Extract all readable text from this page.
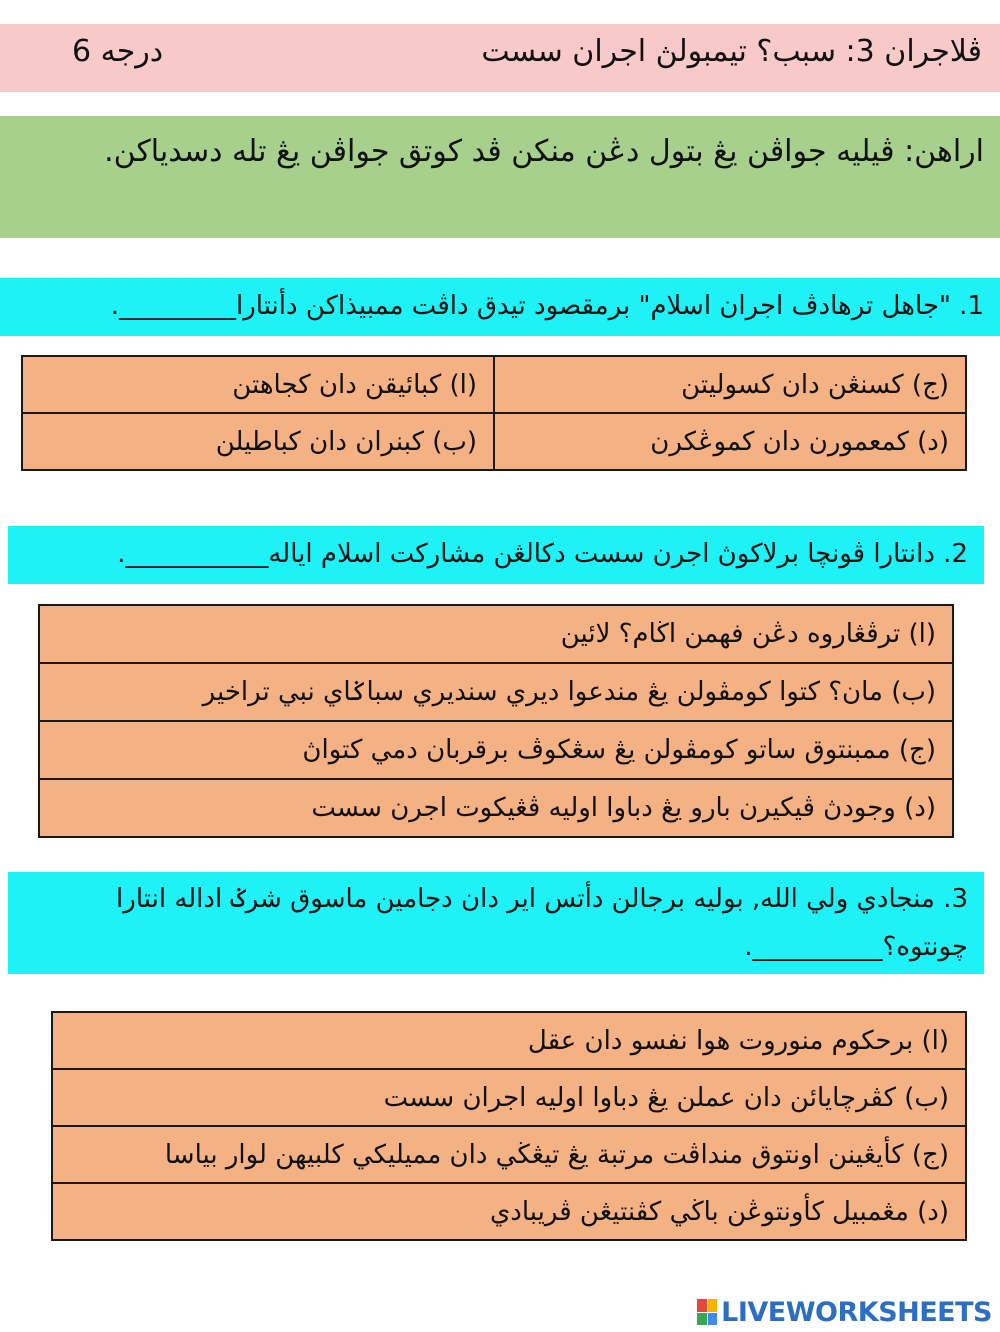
ڤلاجران 3: سبب؟ تيمبولڽ اجران سست
درجه 6
اراهن: ڤيليه جواڤن يڠ بتول دڠن منكن ڤد كوتق جواڤن يڠ تله دسدياكن.
1. "جاهل ترهادڤ اجران اسلام" برمقصود تيدق داڤت ممبيذاكن دأنتارا_________.
(ا) كبائيقن دان كجاهتن	(ج) كسنڠن دان كسوليتن
(ب) كبنران دان كباطيلن	(د) كمعمورن دان كموڠكرن
2. دانتارا ڤونچا برلاكوڽ اجرن سست دكالڠن مشاركت اسلام اياله___________.
(ا) ترڤڠاروه دڠن فهمن اڬام؟ لائين
(ب) مان؟ كتوا كومڤولن يڠ مندعوا ديري سنديري سباݢاي نبي تراخير
(ج) ممبنتوق ساتو كومڤولن يڠ سڠكوڤ برقربان دمي كتواڽ
(د) وجودڽ ڤيكيرن بارو يڠ دباوا اوليه ڤڠيكوت اجرن سست
3. منجادي ولي الله, بوليه برجالن دأتس اير دان دجامين ماسوق شرݢ اداله انتارا چونتوه؟__________.
(ا) برحكوم منوروت هوا نفسو دان عقل
(ب) كڤرچايائن دان عملن يڠ دباوا اوليه اجران سست
(ج) كأيڠينن اونتوق منداڤت مرتبة يڠ تيڠڬي دان مميليكي كلبيهن لوار بياسا
(د) مڠمبيل كأونتوڠن باڬي كڤنتيڠن ڤريبادي
LIVEWORKSHEETS
